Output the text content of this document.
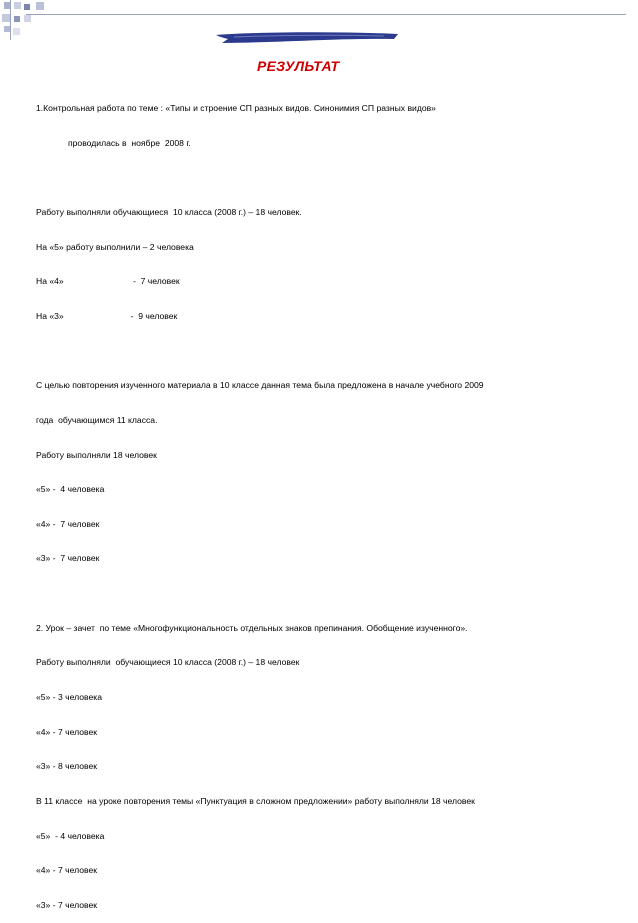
РЕЗУЛЬТАТ

1.Контрольная работа по теме : «Типы и строение СП разных видов. Синонимия СП разных видов»

проводилась в  ноябре  2008 г.

Работу выполняли обучающиеся  10 класса (2008 г.) – 18 человек.

На «5» работу выполнили – 2 человека

На «4»                             -  7 человек

На «3»                            -  9 человек

С целью повторения изученного материала в 10 классе данная тема была предложена в начале учебного 2009

года  обучающимся 11 класса.

Работу выполняли 18 человек

«5» -  4 человека

«4» -  7 человек

«3» -  7 человек

2. Урок – зачет  по теме «Многофункциональность отдельных знаков препинания. Обобщение изученного».

Работу выполняли  обучающиеся 10 класса (2008 г.) – 18 человек

«5» - 3 человека

«4» - 7 человек

«3» - 8 человек

В 11 классе  на уроке повторения темы «Пунктуация в сложном предложении» работу выполняли 18 человек

«5»  - 4 человека

«4» - 7 человек

«3» - 7 человек
